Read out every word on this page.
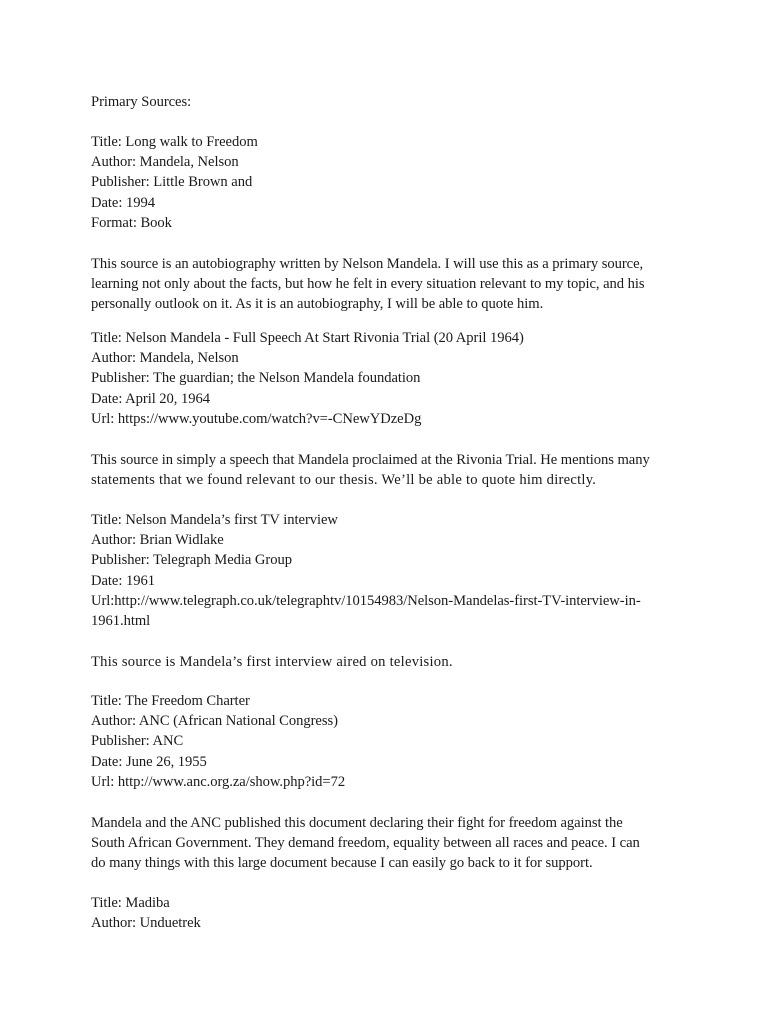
Primary Sources:
Title: Long walk to Freedom
Author: Mandela, Nelson
Publisher: Little Brown and
Date: 1994
Format: Book
This source is an autobiography written by Nelson Mandela. I will use this as a primary source,
learning not only about the facts, but how he felt in every situation relevant to my topic, and his
personally outlook on it. As it is an autobiography, I will be able to quote him.
Title: Nelson Mandela - Full Speech At Start Rivonia Trial (20 April 1964)
Author: Mandela, Nelson
Publisher: The guardian; the Nelson Mandela foundation
Date: April 20, 1964
Url: https://www.youtube.com/watch?v=-CNewYDzeDg
This source in simply a speech that Mandela proclaimed at the Rivonia Trial. He mentions many
statements that we found relevant to our thesis. We’ll be able to quote him directly.
Title: Nelson Mandela’s first TV interview
Author: Brian Widlake
Publisher: Telegraph Media Group
Date: 1961
Url:http://www.telegraph.co.uk/telegraphtv/10154983/Nelson-Mandelas-first-TV-interview-in-
1961.html
This source is Mandela’s first interview aired on television.
Title: The Freedom Charter
Author: ANC (African National Congress)
Publisher: ANC
Date: June 26, 1955
Url: http://www.anc.org.za/show.php?id=72
Mandela and the ANC published this document declaring their fight for freedom against the
South African Government. They demand freedom, equality between all races and peace. I can
do many things with this large document because I can easily go back to it for support.
Title: Madiba
Author: Unduetrek
